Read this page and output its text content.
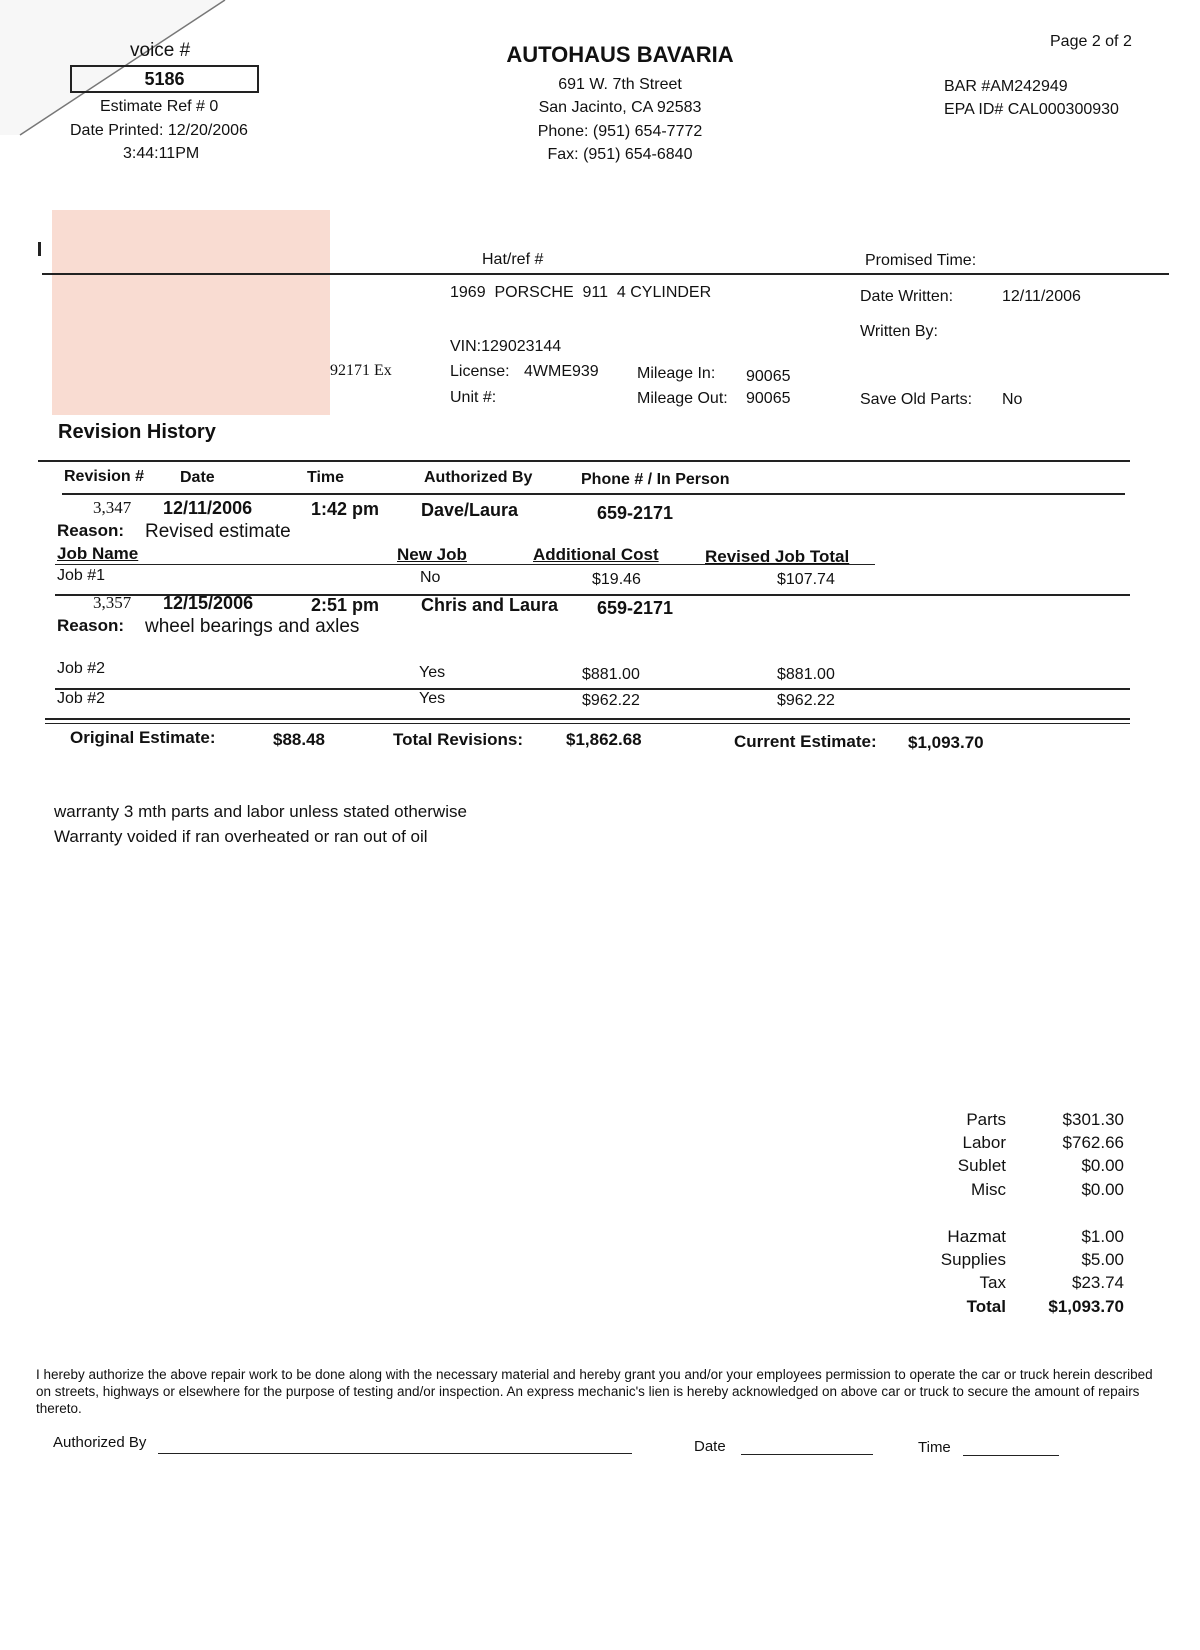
voice #
5186
Estimate Ref # 0
Date Printed: 12/20/2006
3:44:11PM
AUTOHAUS BAVARIA
691 W. 7th Street
San Jacinto, CA 92583
Phone: (951) 654-7772
Fax: (951) 654-6840
Page 2 of 2
BAR #AM242949
EPA ID# CAL000300930
92171 Ex
Hat/ref #	Promised Time:
1969  PORSCHE  911  4 CYLINDER	Date Written:	12/11/2006
Written By:
VIN:129023144
License: 4WME939 Mileage In: 90065
Unit #:	Mileage Out: 90065	Save Old Parts: No
Revision History
Revision # Date	Time	Authorized By	Phone # / In Person
3,347 12/11/2006	1:42 pm Dave/Laura	659-2171
Reason: Revised estimate
Job Name	New Job	Additional Cost	Revised Job Total
Job #1	No	$19.46	$107.74
3,357 12/15/2006	2:51 pm Chris and Laura 659-2171
Reason: wheel bearings and axles
Job #2	Yes	$881.00	$881.00
Job #2	Yes	$962.22	$962.22
Original Estimate:	$88.48	Total Revisions:	$1,862.68	Current Estimate: $1,093.70
warranty 3 mth parts and labor unless stated otherwise
Warranty voided if ran overheated or ran out of oil
Parts	$301.30
Labor	$762.66
Sublet	$0.00
Misc	$0.00
Hazmat	$1.00
Supplies	$5.00
Tax	$23.74
Total	$1,093.70
I hereby authorize the above repair work to be done along with the necessary material and hereby grant you and/or your employees permission to operate the car or truck herein described on streets, highways or elsewhere for the purpose of testing and/or inspection. An express mechanic's lien is hereby acknowledged on above car or truck to secure the amount of repairs thereto.
Authorized By	Date	Time
